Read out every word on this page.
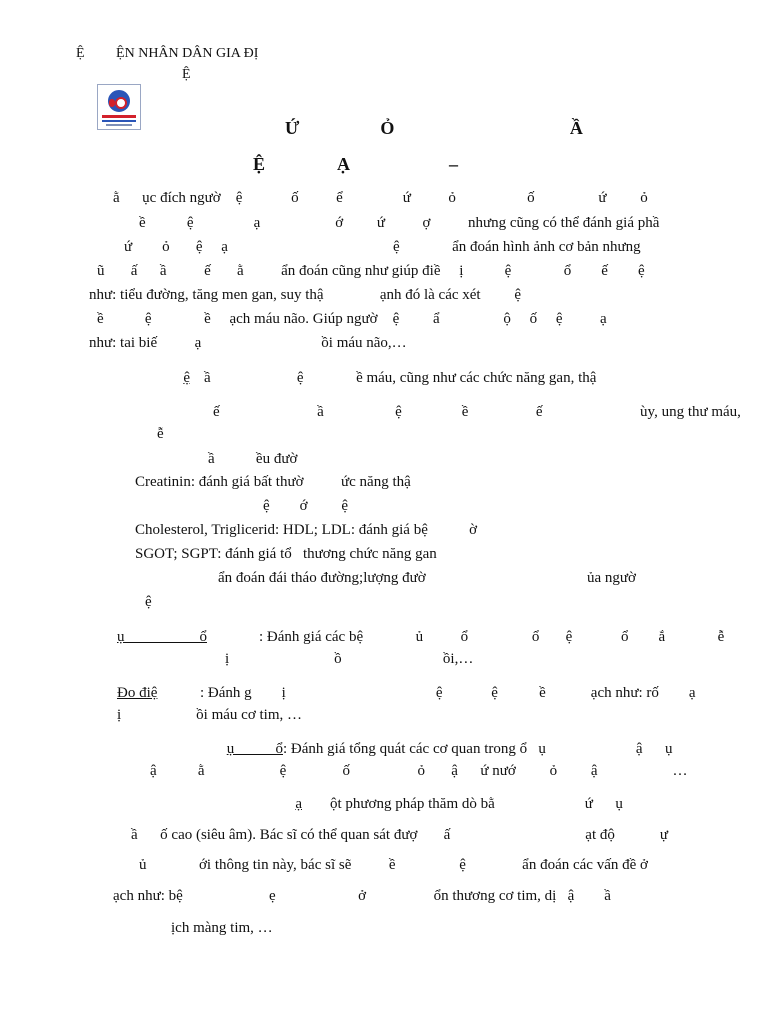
Ệ         ỆN NHÂN DÂN GIA ĐỊ
Ệ
Ứ                  Ỏ                                       Ầ
Ệ                Ạ                      –
ằ      ục đích ngườ    ệ             ố          ể                ứ          ỏ                   ố                 ứ         ỏ
ề           ệ                ạ                    ớ         ứ          ợ          nhưng cũng có thể đánh giá phầ
ứ        ỏ       ệ     ạ                                            ệ              ẩn đoán hình ảnh cơ bản nhưng
ũ       ấ      ầ          ế       ằ          ẩn đoán cũng như giúp điề     ị           ệ              ổ        ế        ệ
như: tiểu đường, tăng men gan, suy thậ               ạnh đó là các xét         ệ
ề           ệ              ề     ạch máu não. Giúp ngườ    ệ         ẩ                 ộ     ố     ệ          ạ
như: tai biế          ạ                                ồi máu não,…
ệ ầ                       ệ              ề máu, cũng như các chức năng gan, thậ
ế                          ầ                   ệ                ề                  ế                          ùy, ung thư máu,
ễ
ầ           ều đườ
Creatinin: đánh giá bất thườ          ức năng thậ
ệ        ớ         ệ
Cholesterol, Triglicerid: HDL; LDL: đánh giá bệ           ờ
SGOT; SGPT: đánh giá tổ   thương chức năng gan
ẩn đoán đái tháo đường;lượng đườ                                           ủa ngườ
ệ
ụ                    ổ	: Đánh giá các bệ              ủ          ổ                 ổ       ệ             ổ        ắ              ễ
ị                            ồ                           ồi,…
Đo điệ	: Đánh g        ị                                        ệ             ệ           ề            ạch như: rố        ạ
ị                    ồi máu cơ tim, …
ụ           ổ : Đánh giá tổng quát các cơ quan trong ổ   ụ                        ậ      ụ
ậ           ằ                    ệ               ố                  ỏ       ậ      ứ nướ         ỏ         ậ                    …
ạ ột phương pháp thăm dò bằ                        ứ      ụ
ầ      ố cao (siêu âm). Bác sĩ có thể quan sát đượ       ấ                                    ạt độ            ự
ủ              ới thông tin này, bác sĩ sẽ          ề                 ệ               ẩn đoán các vấn đề ở
ạch như: bệ                       ẹ                      ở                  ổn thương cơ tim, dị   ậ        ầ
ịch màng tim, …
